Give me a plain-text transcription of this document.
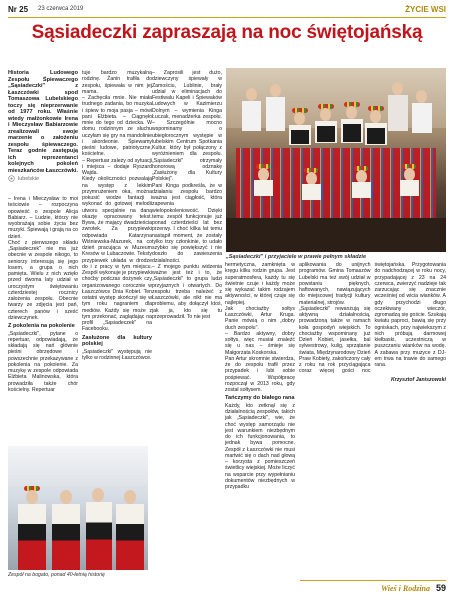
Nr 25 23 czerwca 2019	ŻYCIE WSI
Sąsiadeczki zapraszają na noc świętojańską

Historia Ludowego Zespołu Śpiewaczego „Sąsiadeczki" z Łaszczówki spod Tomaszowa Lubelskiego toczy się nieprzerwanie od 1977 roku. Właśnie wtedy małżonkowie Irena i Mieczysław Babiarzowie zrealizowali swoje marzenie o założeniu zespołu śpiewaczego. Teraz godnie zastępują ich reprezentanci kolejnych pokoleń mieszkańców Łaszczówki.

lubelskie

– Irena i Mieczysław to moi teściowie – rozpoczyna opowieść o zespole Alicja Babiarz. – Ludzie, którzy nie wyobrażają sobie życia bez muzyki. Śpiewają i grają na co dzień.
Choć z pierwszego składu „Sąsiadeczek" nie ma już obecnie w zespole nikogo, to seniorzy interesują się jego losem, a grupa o nich pamięta. Wielu z nich wzięło przed dwoma laty udział w uroczystym świętowaniu czterdziestej rocznicy założenia zespołu. Obecnie twarzy ze zdjęcia jest pań, czterech panów i sześć dziewczynek.

Z pokolenia na pokolenie

„Sąsiadeczki", pytane o repertuar, odpowiadają, że składają się nań głównie pieśni obrzędowe i powszechnie przekazywane z pokolenia na pokolenie. Za muzykę w zespole odpowiada Elżbieta Malinowska, która prowadziła także chór kościelny. Repertuar

tuje bardzo muzykalną rodzinę. Żanin trafiła do zespołu, śpiewała w nim jej mama.
– Zachęciła mnie. Nie miała trudnego zadania, bo muzyka i śpiew to moja pasja – mówi pani Elżbieta. – Ciągnęło mnie do tego od dziecka. W domu rodzinnym ze słuchu uczyłam się gry na mandolinie i akordeonie. Śpiewamy pieśni ludowe, patriotyczne, kościelne.
– Repertuar zależy od sytuacji i miejsca – dodaje Ryszard Wajda.
Kiedy okoliczności pozwalają na występ z lekkim przymrużeniem oka, można pokusić wodze fantazji i wykonać do gotowej melodii utworu specjalnie na daną okazję opracowany tekst. Bywa, że mający dwadzieścia zwrotek. Za przypiewki odpowiada Katarzyna Wiśniewska-Mazurek, na co dzień pracująca w Muzeum Kresów w Lubaczowie. Teksty przypiewek układa w drodze do i z pracy w tym miejscu. Zespół wykonuje je przypiewki choćby podczas dożynek czy organizowanego corocznie w Łaszczówce Dnia Kobiet. Ten ostatni występ skończył się w tym roku nagraniem dla mediów. Każdy się może z tym przekonać, zaglądając na profil „Sąsiadeczek" na Facebooku.

Zasłużone dla kultury polskiej

„Sąsiadeczki" występują nie tylko w rodzinnej Łaszczówce.

– Zaprosili jest dużo, dziewczyny śpiewały w Zamościu, Lublinie, brały udział w eliminacjach do Festiwalu Kapeli i Śpiewaków Ludowych w Kazimierzu Dolnym – wymienia Kinga Łuczak, menadżerka zespołu. – Szczególnie mocno wspominamy o ubiegłorocznym występie w lubelskim Centrum Spotkania Kultur, który był połączony z wyróżnieniem dla zespołu. „Sąsiadeczki" otrzymały honorową odznakę „Zasłużony dla Kultury Polskiej".
Pani Kinga podkreśla, że w działaniu zespołu bardzo ważna jest ciągłość, która zapewnia wielopokoleniowość. Dzięki temu zespół funkcjonuje już ponad czterdzieści lat bez przerwy. I choć kilka lat temu nastąpił moment, że zostały tylko trzy członkinie, to udało szybko się powiększyć i nie doszło do zawieszenia działalności.
– Z mojego punktu widzenia ważne jest też i to, że „Sąsiadeczki" to grupa ludzi przyjaznych i otwartych. Do zespołu trzeba należeć z Łaszczówki, ale nikt nie ma problemu, aby dołączył ktoś, jak ja, kto się tu przeprowadził. To nie jest

„Sąsiadeczki" i przyjaciele w prawie pełnym składzie

hermetyczna, zamknięta w kręgu kilku rodzin grupa. Jest superatmosfera, każdy tu się świetnie czuje i każdy może się wykazać takim rodzajem aktywności, w której czuje się najlepiej.
Jak chociażby sołtys Łaszczówki, Artur Kruga. Panie mówią o nim „dobry duch zespołu".
– Bardzo aktywny, dobry sołtys, więc musiał znaleźć się u nas – śmieje się Małgorzata Koskorska.
Pan Artur skromnie stwierdza, że do zespołu trafił przez przypadek i lubi sobie pośpiewać. Współpracę rozpoczął w 2013 roku, gdy został sołtysem.

Tańczymy do białego rana

Każdy, kto zetknął się z działalnością zespołów, takich jak „Sąsiadeczki", wie, że choć występ samorządu nie jest warunkiem niezbędnym do ich funkcjonowania, to jednak bywa pomocne. Zespół z Łaszczówki nie musi martwić się o dach nad głową – korzysta z pomieszczeń świetlicy wiejskiej. Może liczyć na wsparcie przy wypełnianiu dokumentów niezbędnych w przypadku

aplikowania do unijnych programów. Gmina Tomaszów Lubelski ma też swój udział w powstaniu pięknych, haftowanych, nawiązujących do miejscowej tradycji kultury materialnej, strojów.
„Sąsiadeczki" rewanżują się aktywną działalnością, prowadzoną także w ramach koła gospodyń wiejskich. To chociażby wspominany już Dzień Kobiet, jasełka, bal sylwestrowy, kulig, sprzątanie świata, Międzynarodowy Dzień Praw Kobiety, zakończony cały z roku na rok przyciągająca coraz więcej gości noc świętojańska. Przygotowania do nadchodzącej w roku nocy, przypadającej z 23 na 24 czerwca, zwierzyć nadzieje tak zarzucając się znacznie wcześniej od wicia wianków. A gdy przychodzi długo oczekiwany wieczór, zgromadzą się goście. Szukają kwiatu paproci, bawią się przy ogniskach, przy najwiekszym z nich próbują darmowej kiełbaski, uczestniczą w puszczaniu wianków na wodę. A zabawa przy muzyce z DJ-em trwa na trawie do samego rana.

Krzysztof Janiszowski

Zespół na bogato, ponad 40-letnią historię
Wieś i Rodzina 59
